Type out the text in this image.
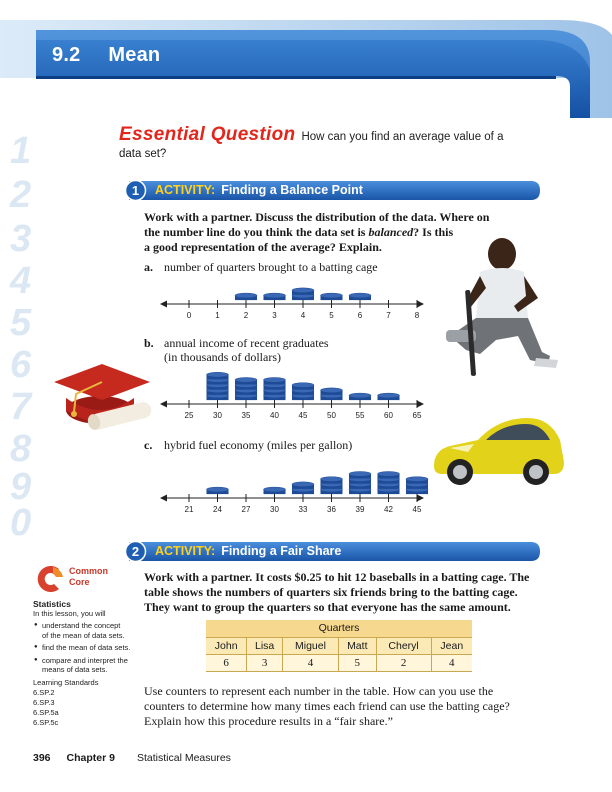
9.2 Mean
1
2
3
4
5
6
7
8
9
0
Essential Question How can you find an average value of a
data set?
1	ACTIVITY: Finding a Balance Point
Work with a partner. Discuss the distribution of the data. Where on
the number line do you think the data set is balanced? Is this
a good representation of the average? Explain.
a. number of quarters brought to a batting cage
0	1	2	3	4	5	6	7	8
b. annual income of recent graduates
(in thousands of dollars)
25 30 35 40 45 50 55 60 65
c. hybrid fuel economy (miles per gallon)
21 24 27 30 33 36 39 42 45
2	ACTIVITY: Finding a Fair Share
Work with a partner. It costs $0.25 to hit 12 baseballs in a batting cage. The
table shows the numbers of quarters six friends bring to the batting cage.
They want to group the quarters so that everyone has the same amount.
Quarters
John	Lisa	Miguel	Matt	Cheryl	Jean
6	3	4	5	2	4
Use counters to represent each number in the table. How can you use the
counters to determine how many times each friend can use the batting cage?
Explain how this procedure results in a “fair share.”
Common
Core
Statistics
In this lesson, you will
● understand the concept
of the mean of data sets.
● find the mean of data sets.
● compare and interpret the
means of data sets.
Learning Standards
6.SP.2
6.SP.3
6.SP.5a
6.SP.5c
396 Chapter 9 Statistical Measures
